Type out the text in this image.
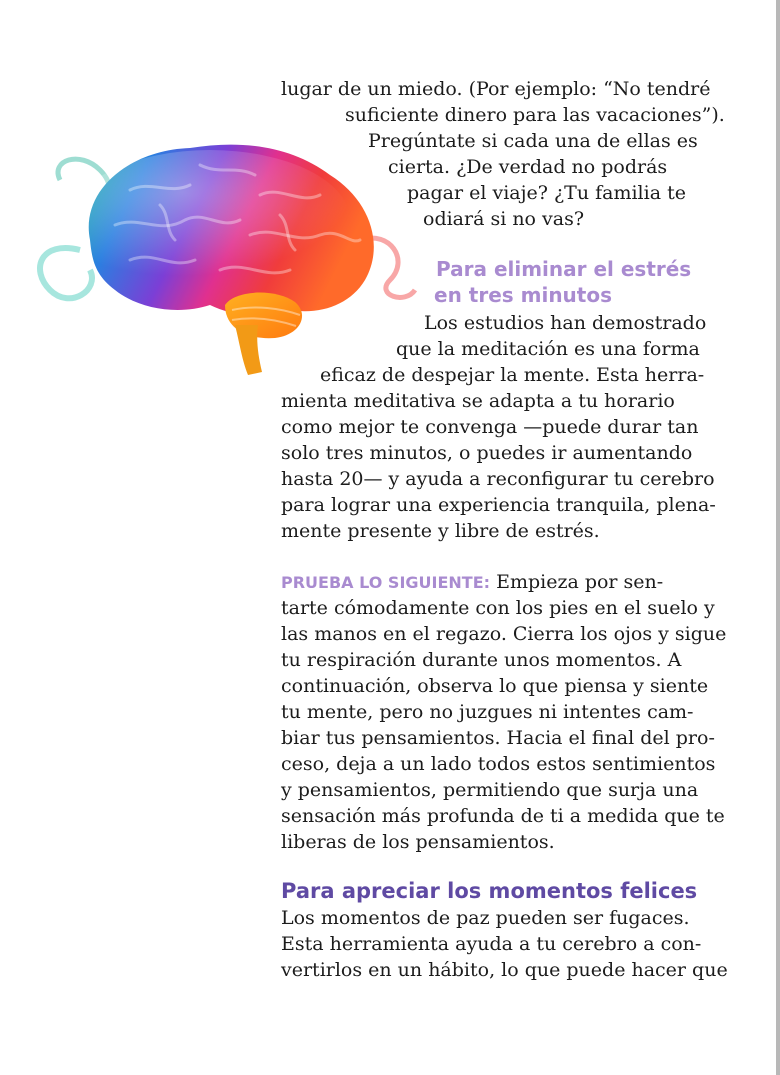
lugar de un miedo. (Por ejemplo: “No tendré
suficiente dinero para las vacaciones”).
Pregúntate si cada una de ellas es
cierta. ¿De verdad no podrás
pagar el viaje? ¿Tu familia te
odiará si no vas?
Para eliminar el estrés
en tres minutos
Los estudios han demostrado
que la meditación es una forma
eficaz de despejar la mente. Esta herra-
mienta meditativa se adapta a tu horario
como mejor te convenga —puede durar tan
solo tres minutos, o puedes ir aumentando
hasta 20— y ayuda a reconfigurar tu cerebro
para lograr una experiencia tranquila, plena-
mente presente y libre de estrés.
PRUEBA LO SIGUIENTE: Empieza por sen-
tarte cómodamente con los pies en el suelo y
las manos en el regazo. Cierra los ojos y sigue
tu respiración durante unos momentos. A
continuación, observa lo que piensa y siente
tu mente, pero no juzgues ni intentes cam-
biar tus pensamientos. Hacia el final del pro-
ceso, deja a un lado todos estos sentimientos
y pensamientos, permitiendo que surja una
sensación más profunda de ti a medida que te
liberas de los pensamientos.
Para apreciar los momentos felices
Los momentos de paz pueden ser fugaces.
Esta herramienta ayuda a tu cerebro a con-
vertirlos en un hábito, lo que puede hacer que
